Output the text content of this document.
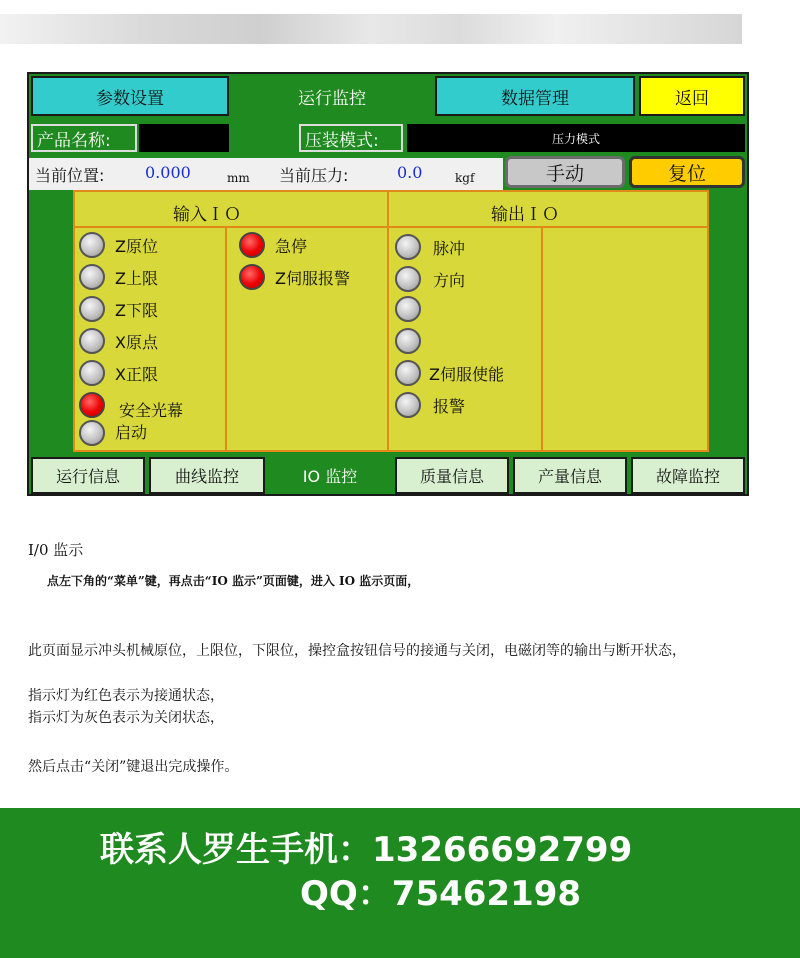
参数设置	运行监控	数据管理	返回
产品名称:	压装模式:	压力模式
当前位置:	0.000	mm 当前压力:	0.0	kgf	手动	复位
输入ＩＯ	输出ＩＯ
Z原位
Z上限
Z下限
X原点
X正限
安全光幕
启动
急停
Z伺服报警
脉冲
方向
Z伺服使能
报警
运行信息	曲线监控	IO 监控	质量信息	产量信息	故障监控
I/0 监示
点左下角的“菜单”键，再点击“IO 监示”页面键，进入 IO 监示页面，
此页面显示冲头机械原位，上限位，下限位，操控盒按钮信号的接通与关闭，电磁闭等的输出与断开状态，
指示灯为红色表示为接通状态，
指示灯为灰色表示为关闭状态，
然后点击“关闭”键退出完成操作。
联系人罗生手机：13266692799
QQ：75462198
